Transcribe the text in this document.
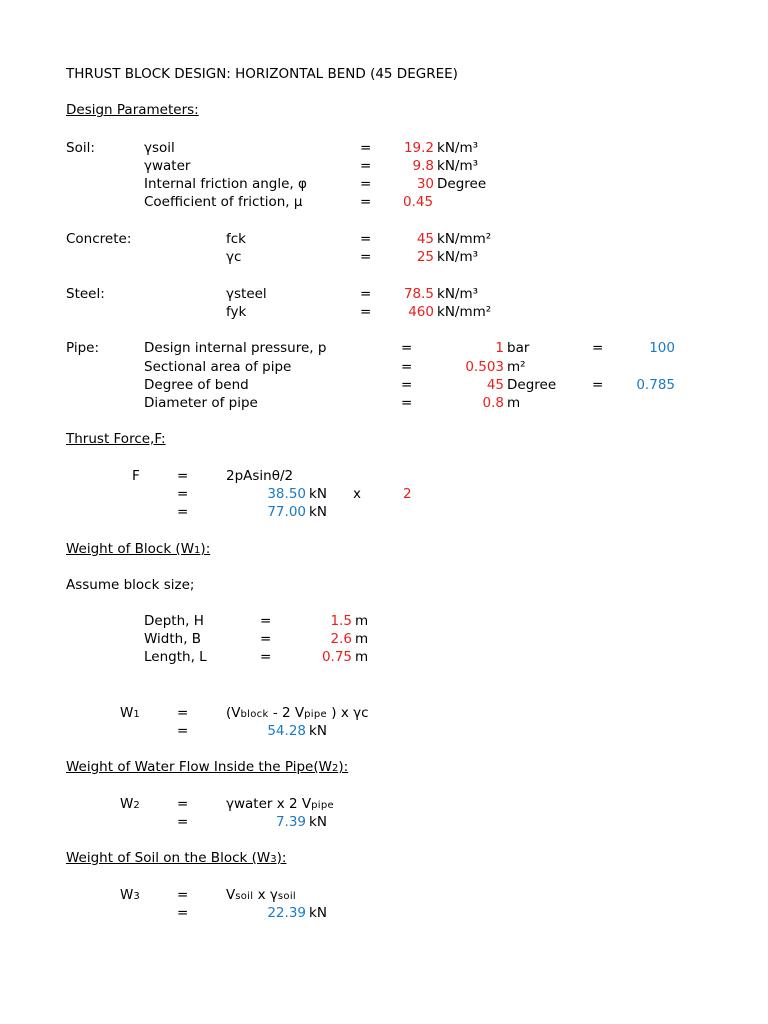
THRUST BLOCK DESIGN: HORIZONTAL BEND (45 DEGREE)
Design Parameters:
Soil:	γsoil	=	19.2 kN/m³
γwater	=	9.8 kN/m³
Internal friction angle, φ	=	30 Degree
Coefficient of friction, μ	= 0.45
Concrete:	fck	=	45 kN/mm²
γc	=	25 kN/m³
Steel:	γsteel	=	78.5 kN/m³
fyk	=	460 kN/mm²
Pipe:	Design internal pressure, p	=	1 bar	=	100
Sectional area of pipe	=	0.503 m²
Degree of bend	=	45 Degree	=	0.785
Diameter of pipe	=	0.8 m
Thrust Force,F:
F	=	2pAsinθ/2
=	38.50 kN x	2
=	77.00 kN
Weight of Block (W1):
Assume block size;
Depth, H	=	1.5 m
Width, B	=	2.6 m
Length, L	=	0.75 m
W1	=	(Vblock - 2 Vpipe ) x γc
=	54.28 kN
Weight of Water Flow Inside the Pipe(W2):
W2	=	γwater x 2 Vpipe
=	7.39 kN
Weight of Soil on the Block (W3):
W3	=	Vsoil x γsoil
=	22.39 kN
